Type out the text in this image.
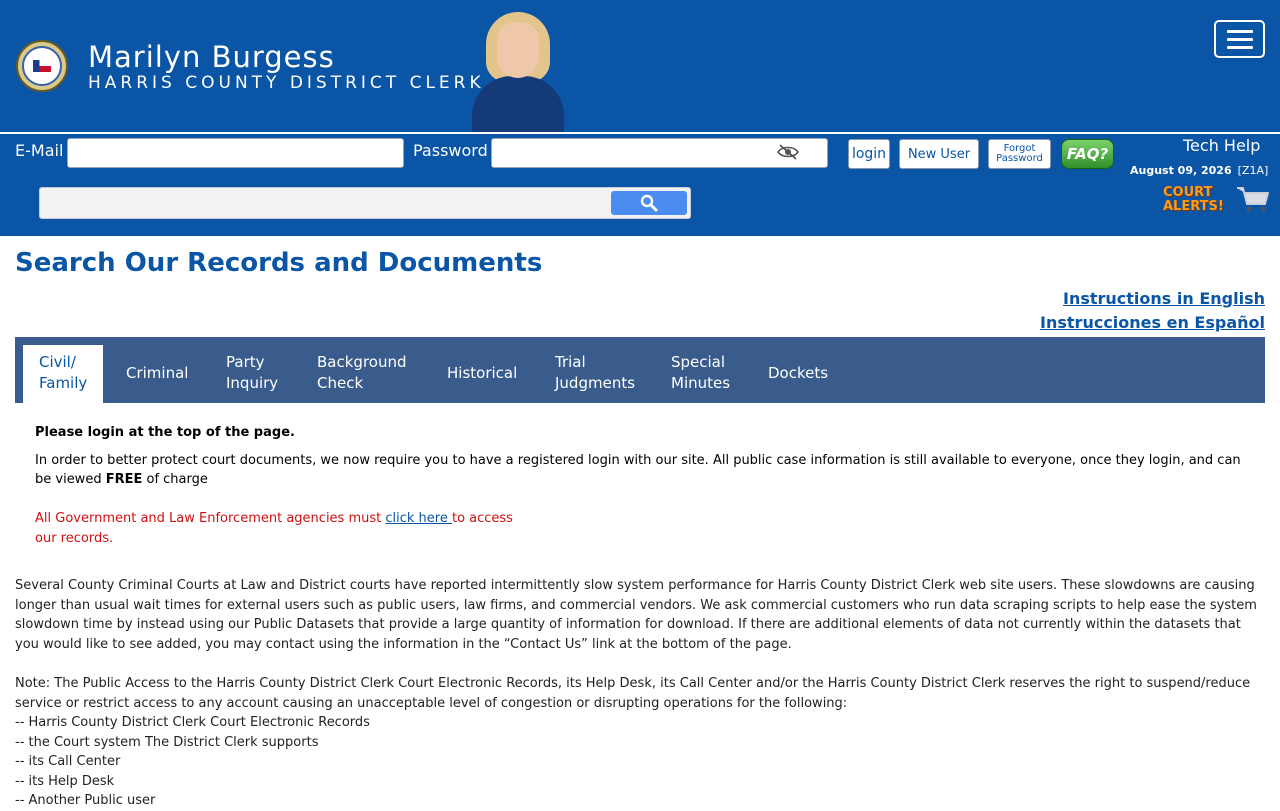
Marilyn Burgess
HARRIS COUNTY DISTRICT CLERK
E-Mail	Password	login	New User	Forgot
Password	FAQ?	Tech Help
August 09, 2026 [Z1A]
COURT
ALERTS!
Search Our Records and Documents
Instructions in English
Instrucciones en Español
Civil/
Family
Criminal
Party
Inquiry
Background
Check
Historical
Trial
Judgments
Special
Minutes
Dockets
Please login at the top of the page.
In order to better protect court documents, we now require you to have a registered login with our site. All public case information is still available to everyone, once they login, and can be viewed FREE of charge
All Government and Law Enforcement agencies must click here to access our records.
Several County Criminal Courts at Law and District courts have reported intermittently slow system performance for Harris County District Clerk web site users. These slowdowns are causing longer than usual wait times for external users such as public users, law firms, and commercial vendors. We ask commercial customers who run data scraping scripts to help ease the system slowdown time by instead using our Public Datasets that provide a large quantity of information for download. If there are additional elements of data not currently within the datasets that you would like to see added, you may contact using the information in the “Contact Us” link at the bottom of the page.
Note: The Public Access to the Harris County District Clerk Court Electronic Records, its Help Desk, its Call Center and/or the Harris County District Clerk reserves the right to suspend/reduce service or restrict access to any account causing an unacceptable level of congestion or disrupting operations for the following:
-- Harris County District Clerk Court Electronic Records
-- the Court system The District Clerk supports
-- its Call Center
-- its Help Desk
-- Another Public user
